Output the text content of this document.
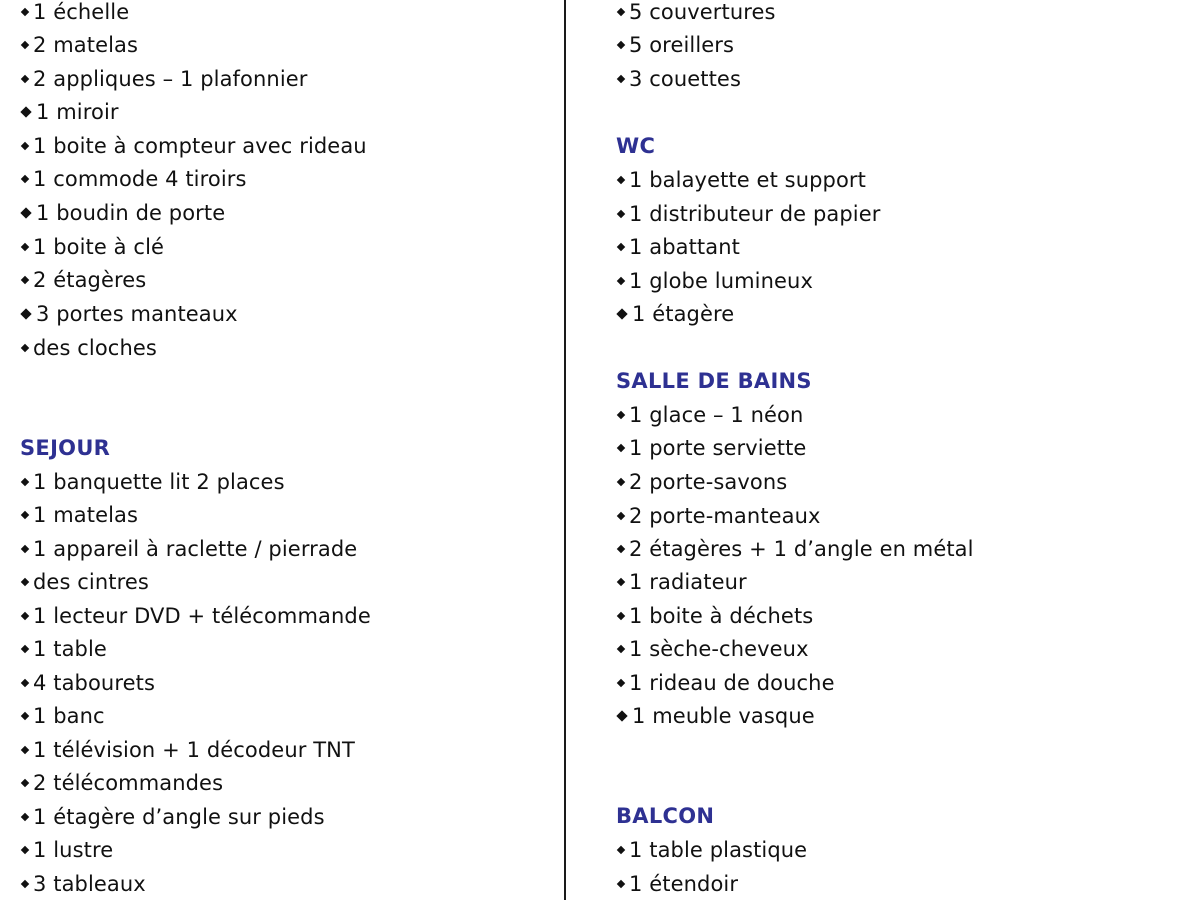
1 échelle
2 matelas
2 appliques – 1 plafonnier
1 miroir
1 boite à compteur avec rideau
1 commode 4 tiroirs
1 boudin de porte
1 boite à clé
2 étagères
3 portes manteaux
des cloches
SEJOUR
1 banquette lit 2 places
1 matelas
1 appareil à raclette / pierrade
des cintres
1 lecteur DVD + télécommande
1 table
4 tabourets
1 banc
1 télévision + 1 décodeur TNT
2 télécommandes
1 étagère d’angle sur pieds
1 lustre
3 tableaux
5 couvertures
5 oreillers
3 couettes
WC
1 balayette et support
1 distributeur de papier
1 abattant
1 globe lumineux
1 étagère
SALLE DE BAINS
1 glace – 1 néon
1 porte serviette
2 porte-savons
2 porte-manteaux
2 étagères + 1 d’angle en métal
1 radiateur
1 boite à déchets
1 sèche-cheveux
1 rideau de douche
1 meuble vasque
BALCON
1 table plastique
1 étendoir
